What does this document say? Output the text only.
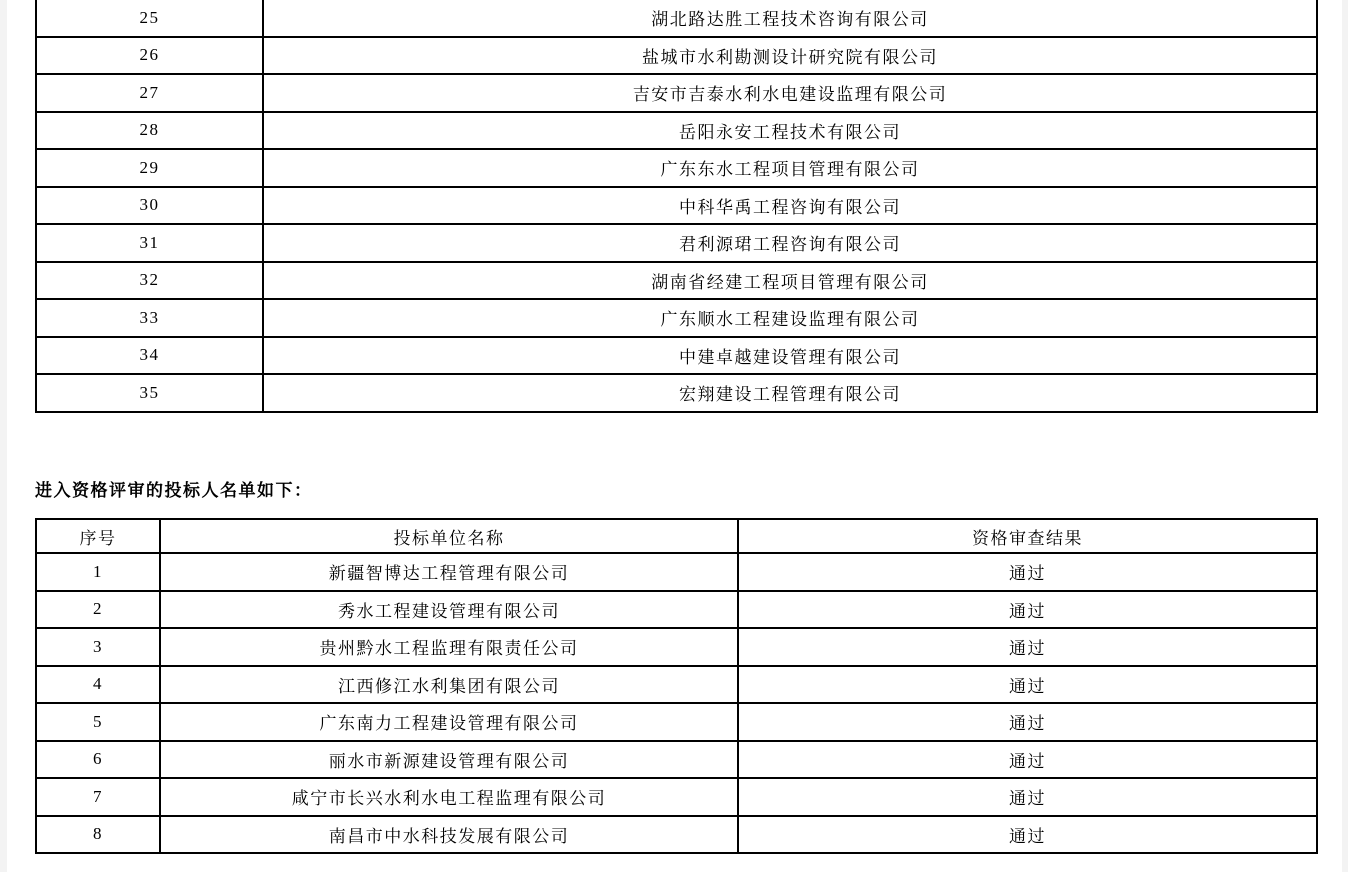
25	湖北路达胜工程技术咨询有限公司
26	盐城市水利勘测设计研究院有限公司
27	吉安市吉泰水利水电建设监理有限公司
28	岳阳永安工程技术有限公司
29	广东东水工程项目管理有限公司
30	中科华禹工程咨询有限公司
31	君利源珺工程咨询有限公司
32	湖南省经建工程项目管理有限公司
33	广东顺水工程建设监理有限公司
34	中建卓越建设管理有限公司
35	宏翔建设工程管理有限公司
进入资格评审的投标人名单如下：
序号	投标单位名称	资格审查结果
1	新疆智博达工程管理有限公司	通过
2	秀水工程建设管理有限公司	通过
3	贵州黔水工程监理有限责任公司	通过
4	江西修江水利集团有限公司	通过
5	广东南力工程建设管理有限公司	通过
6	丽水市新源建设管理有限公司	通过
7	咸宁市长兴水利水电工程监理有限公司	通过
8	南昌市中水科技发展有限公司	通过
